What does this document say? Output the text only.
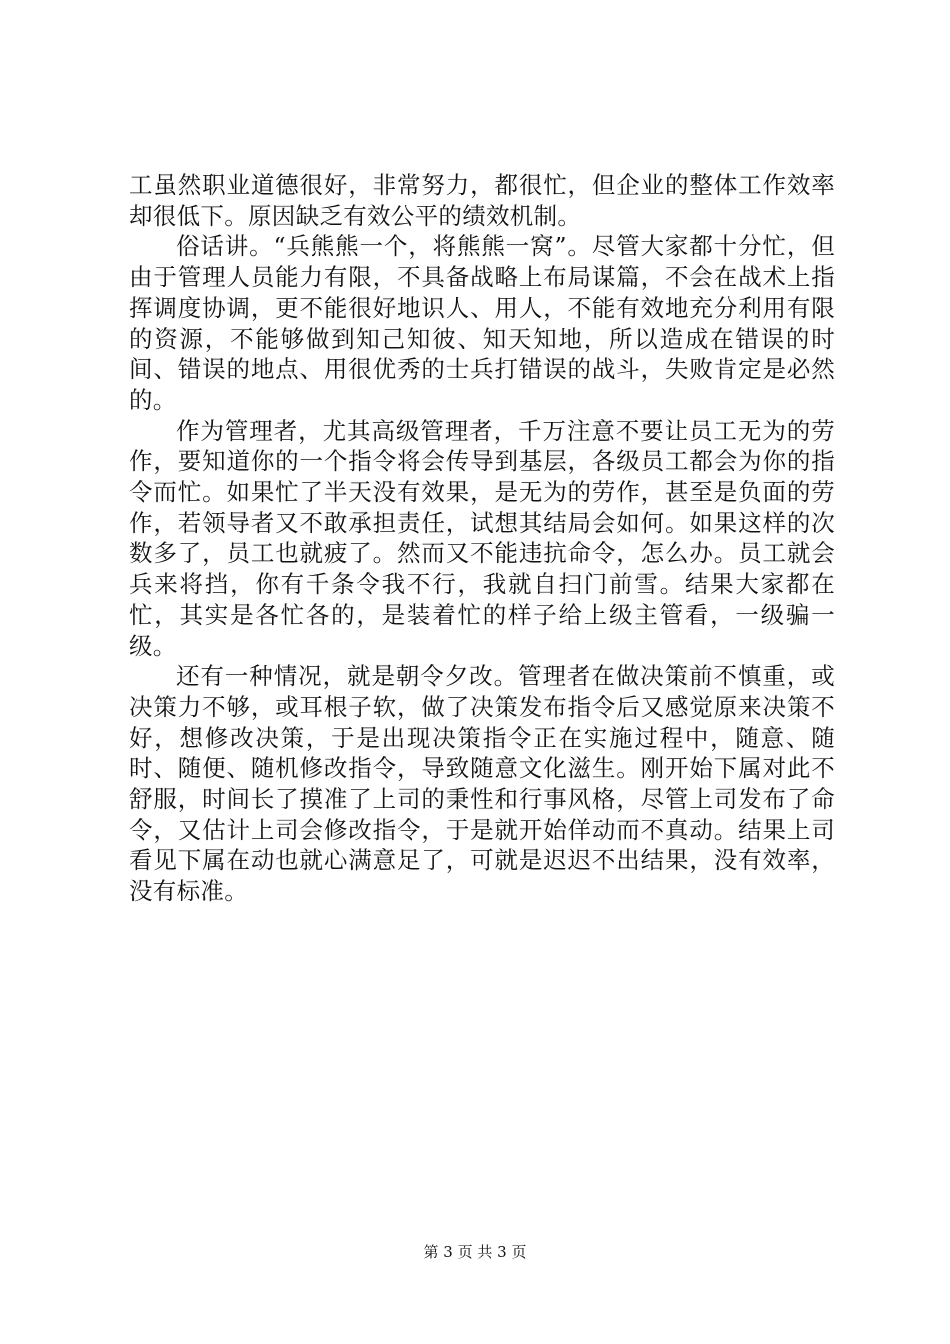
工虽然职业道德很好，非常努力，都很忙，但企业的整体工作效率却很低下。原因缺乏有效公平的绩效机制。

俗话讲。“兵熊熊一个，将熊熊一窝”。尽管大家都十分忙，但由于管理人员能力有限，不具备战略上布局谋篇，不会在战术上指挥调度协调，更不能很好地识人、用人，不能有效地充分利用有限的资源，不能够做到知己知彼、知天知地，所以造成在错误的时间、错误的地点、用很优秀的士兵打错误的战斗，失败肯定是必然的。

作为管理者，尤其高级管理者，千万注意不要让员工无为的劳作，要知道你的一个指令将会传导到基层，各级员工都会为你的指令而忙。如果忙了半天没有效果，是无为的劳作，甚至是负面的劳作，若领导者又不敢承担责任，试想其结局会如何。如果这样的次数多了，员工也就疲了。然而又不能违抗命令，怎么办。员工就会兵来将挡，你有千条令我不行，我就自扫门前雪。结果大家都在忙，其实是各忙各的，是装着忙的样子给上级主管看，一级骗一级。

还有一种情况，就是朝令夕改。管理者在做决策前不慎重，或决策力不够，或耳根子软，做了决策发布指令后又感觉原来决策不好，想修改决策，于是出现决策指令正在实施过程中，随意、随时、随便、随机修改指令，导致随意文化滋生。刚开始下属对此不舒服，时间长了摸准了上司的秉性和行事风格，尽管上司发布了命令，又估计上司会修改指令，于是就开始佯动而不真动。结果上司看见下属在动也就心满意足了，可就是迟迟不出结果，没有效率，没有标准。

第 3 页 共 3 页
